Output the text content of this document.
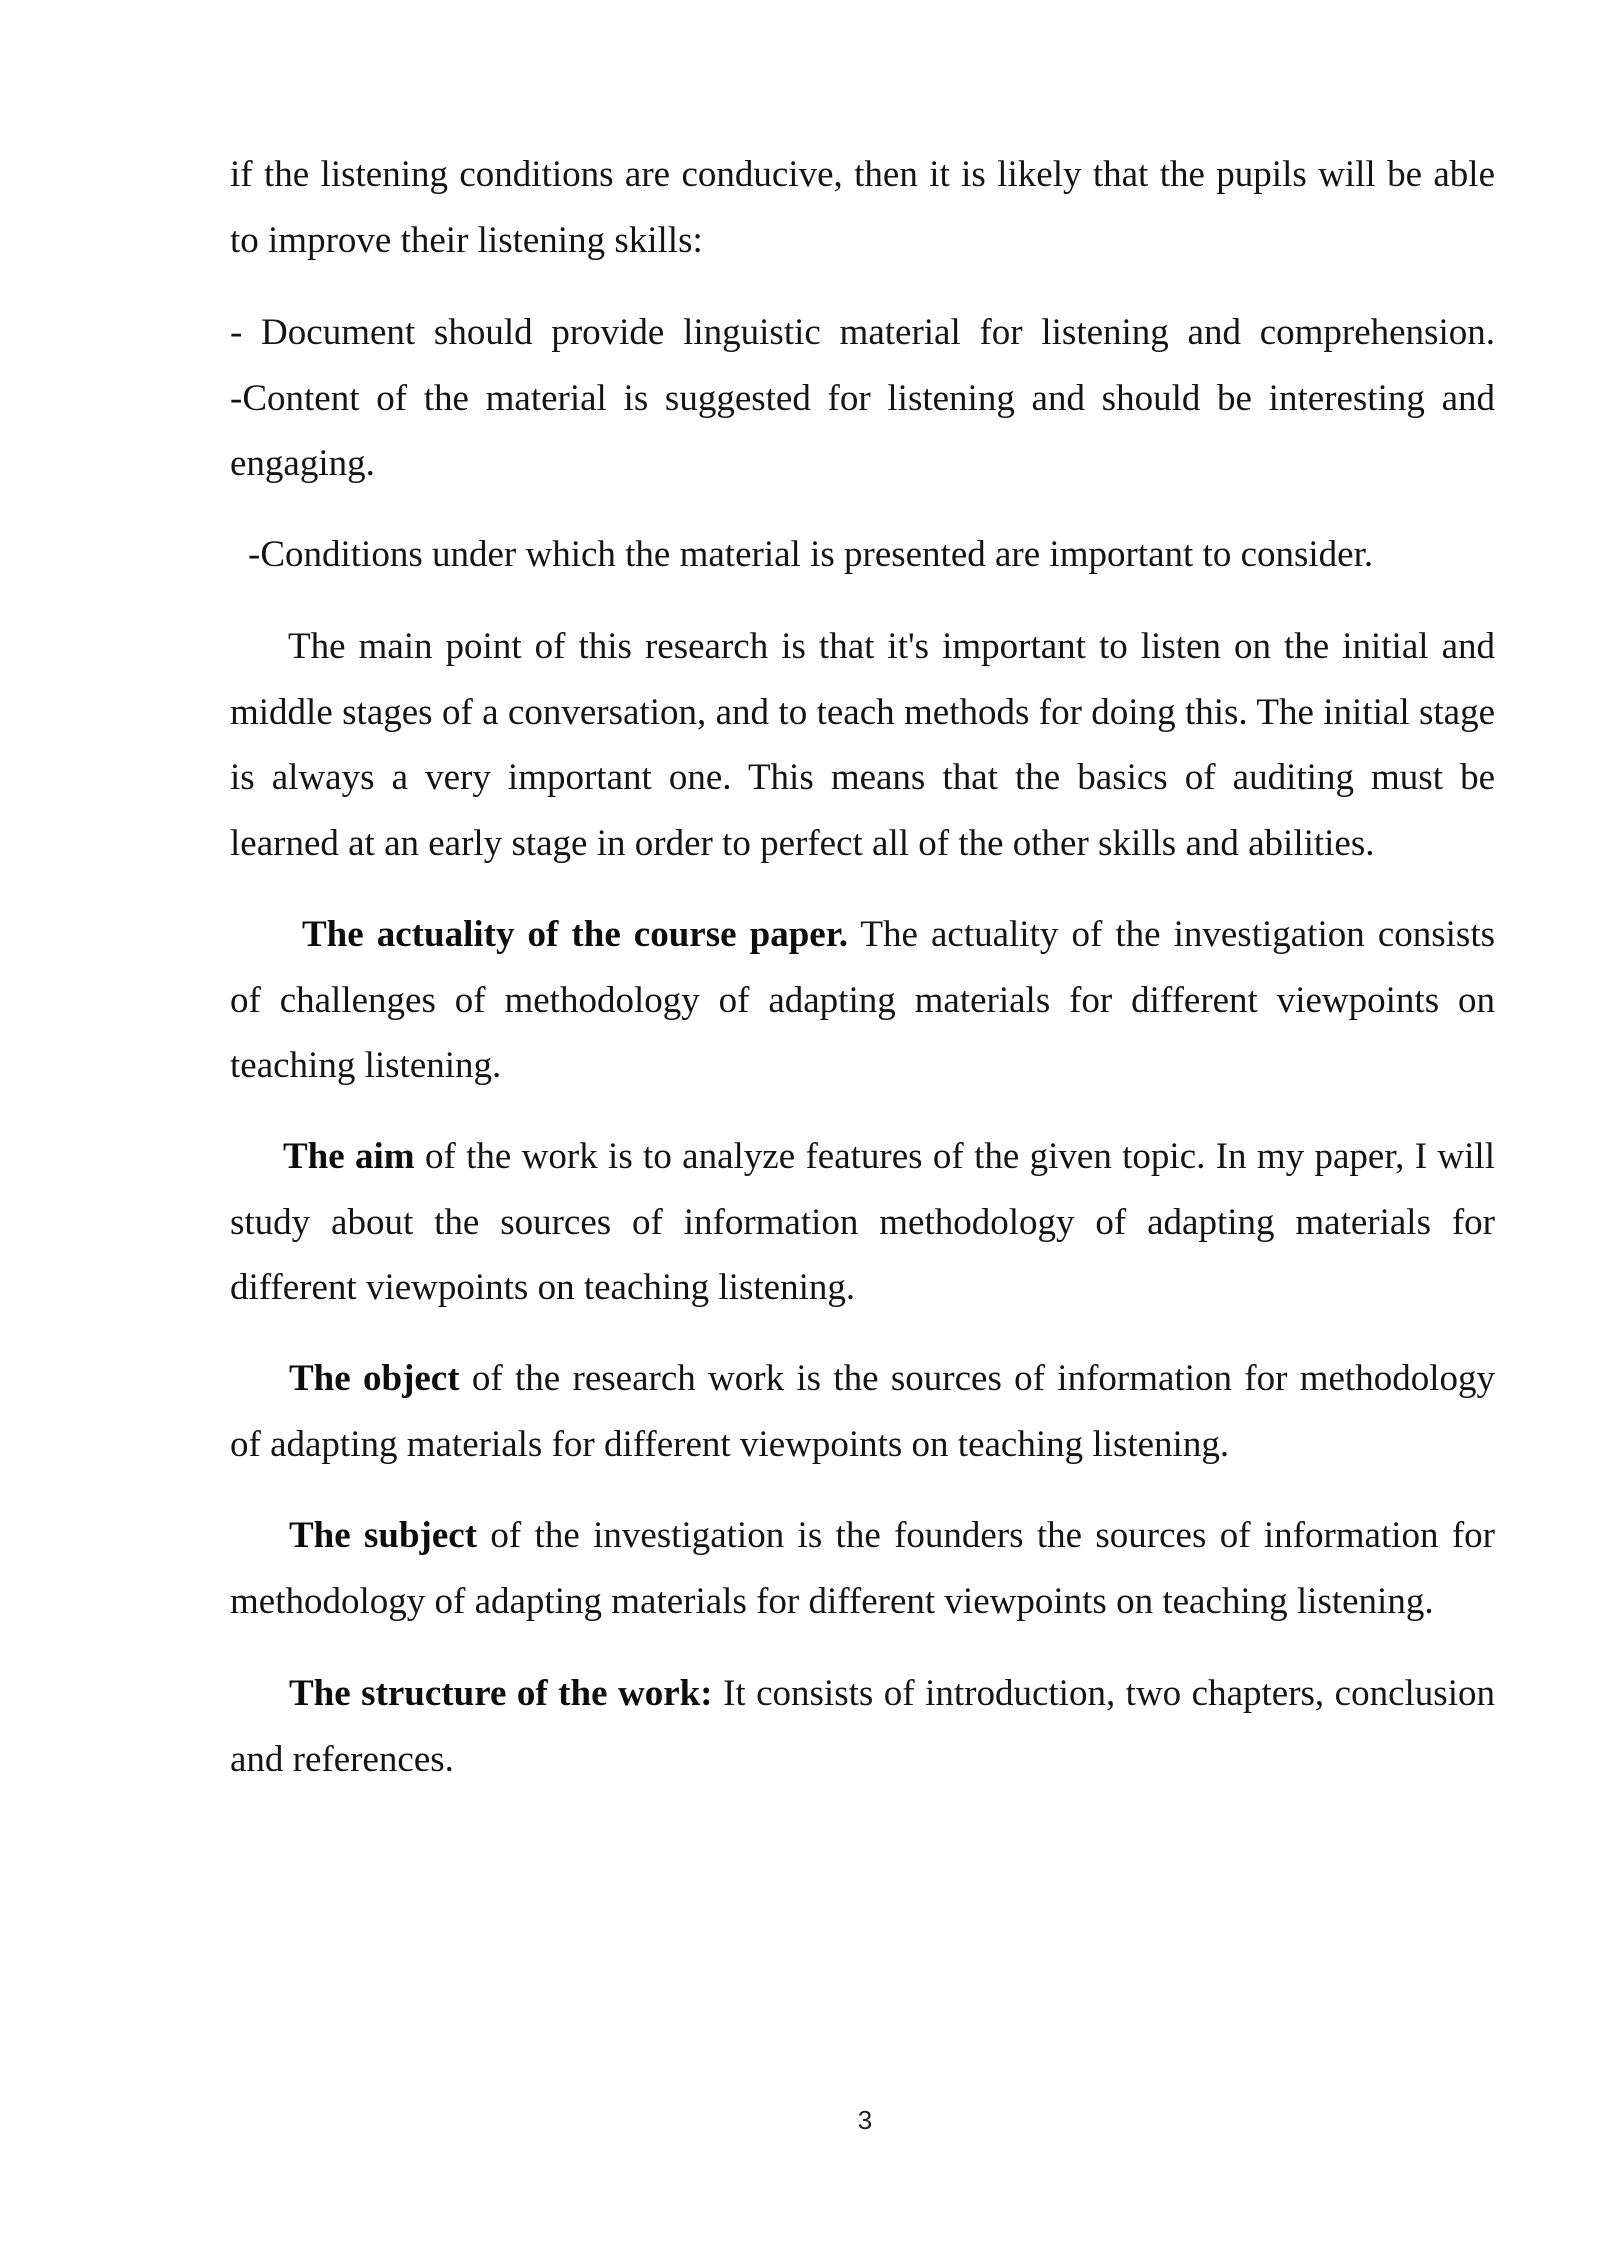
if the listening conditions are conducive, then it is likely that the pupils will be able
to improve their listening skills:
- Document should provide linguistic material for listening and comprehension.
-Content of the material is suggested for listening and should be interesting and
engaging.
-Conditions under which the material is presented are important to consider.
The main point of this research is that it's important to listen on the initial and
middle stages of a conversation, and to teach methods for doing this. The initial stage
is always a very important one. This means that the basics of auditing must be
learned at an early stage in order to perfect all of the other skills and abilities.
The actuality of the course paper. The actuality of the investigation consists
of challenges of methodology of adapting materials for different viewpoints on
teaching listening.
The aim of the work is to analyze features of the given topic. In my paper, I will
study about the sources of information methodology of adapting materials for
different viewpoints on teaching listening.
The object of the research work is the sources of information for methodology
of adapting materials for different viewpoints on teaching listening.
The subject of the investigation is the founders the sources of information for
methodology of adapting materials for different viewpoints on teaching listening.
The structure of the work: It consists of introduction, two chapters, conclusion
and references.
3
